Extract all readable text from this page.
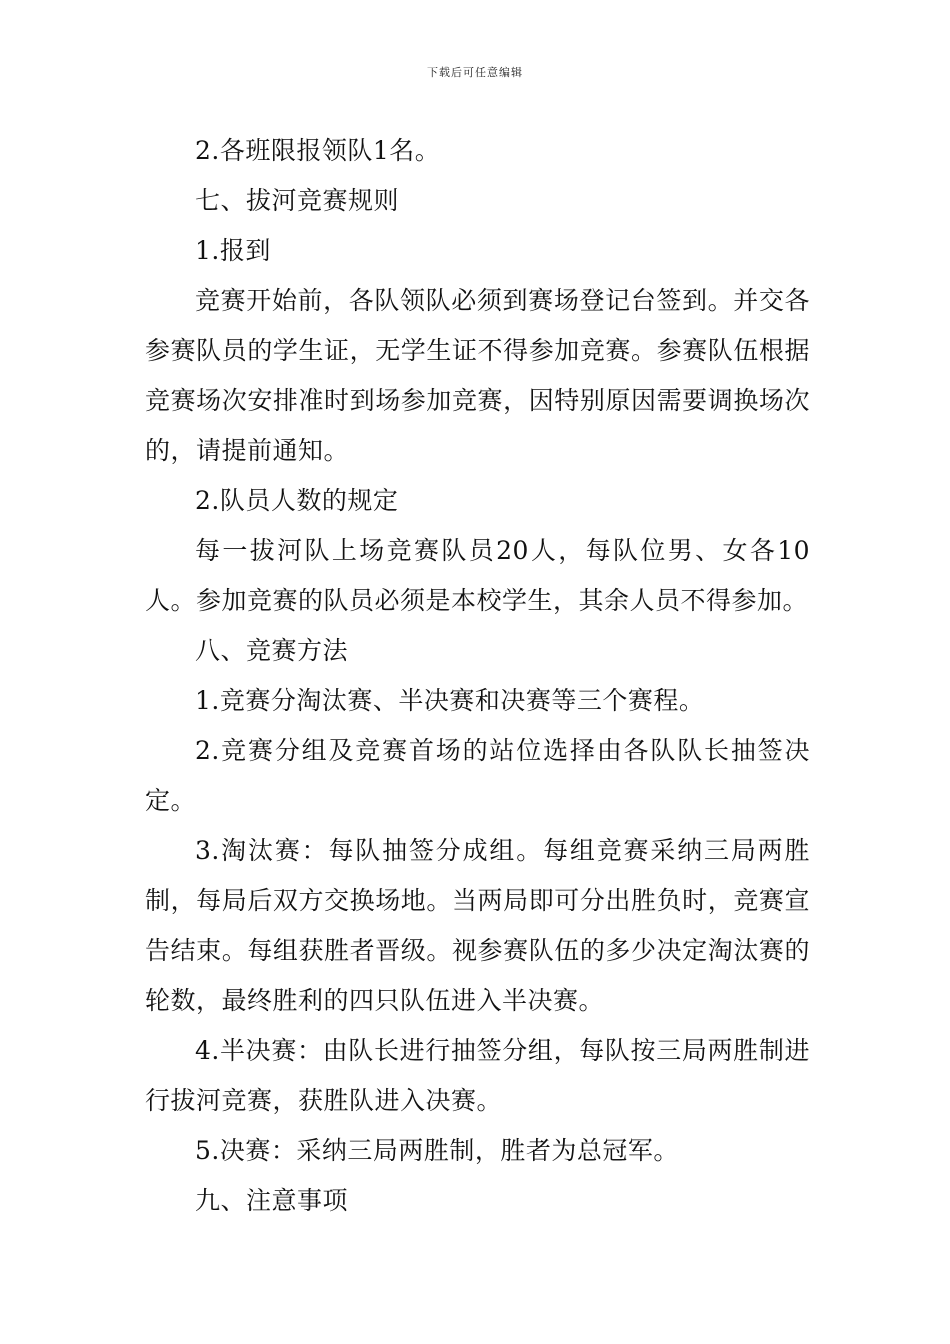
下载后可任意编辑

2.各班限报领队1名。

七、拔河竞赛规则

1.报到

竞赛开始前，各队领队必须到赛场登记台签到。并交各参赛队员的学生证，无学生证不得参加竞赛。参赛队伍根据竞赛场次安排准时到场参加竞赛，因特别原因需要调换场次的，请提前通知。

2.队员人数的规定

每一拔河队上场竞赛队员20人，每队位男、女各10人。参加竞赛的队员必须是本校学生，其余人员不得参加。

八、竞赛方法

1.竞赛分淘汰赛、半决赛和决赛等三个赛程。

2.竞赛分组及竞赛首场的站位选择由各队队长抽签决定。

3.淘汰赛：每队抽签分成组。每组竞赛采纳三局两胜制，每局后双方交换场地。当两局即可分出胜负时，竞赛宣告结束。每组获胜者晋级。视参赛队伍的多少决定淘汰赛的轮数，最终胜利的四只队伍进入半决赛。

4.半决赛：由队长进行抽签分组，每队按三局两胜制进行拔河竞赛，获胜队进入决赛。

5.决赛：采纳三局两胜制，胜者为总冠军。

九、注意事项
